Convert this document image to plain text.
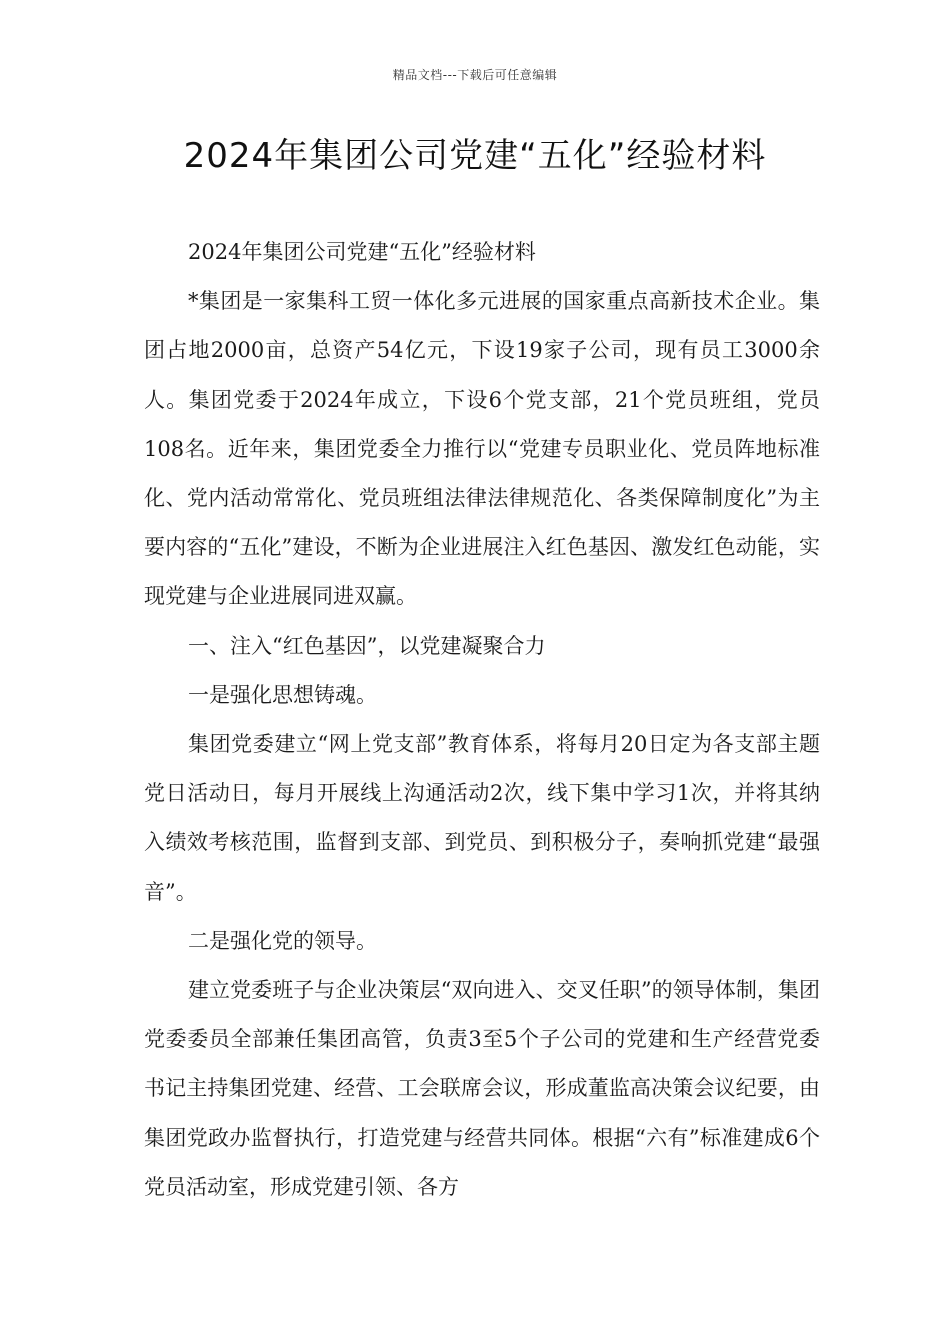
精品文档---下载后可任意编辑
2024年集团公司党建“五化”经验材料

2024年集团公司党建“五化”经验材料

*集团是一家集科工贸一体化多元进展的国家重点高新技术企业。集团占地2000亩，总资产54亿元，下设19家子公司，现有员工3000余人。集团党委于2024年成立，下设6个党支部，21个党员班组，党员108名。近年来，集团党委全力推行以“党建专员职业化、党员阵地标准化、党内活动常常化、党员班组法律法律规范化、各类保障制度化”为主要内容的“五化”建设，不断为企业进展注入红色基因、激发红色动能，实现党建与企业进展同进双赢。

一、注入“红色基因”，以党建凝聚合力

一是强化思想铸魂。

集团党委建立“网上党支部”教育体系，将每月20日定为各支部主题党日活动日，每月开展线上沟通活动2次，线下集中学习1次，并将其纳入绩效考核范围，监督到支部、到党员、到积极分子，奏响抓党建“最强音”。

二是强化党的领导。

建立党委班子与企业决策层“双向进入、交叉任职”的领导体制，集团党委委员全部兼任集团高管，负责3至5个子公司的党建和生产经营党委书记主持集团党建、经营、工会联席会议，形成董监高决策会议纪要，由集团党政办监督执行，打造党建与经营共同体。根据“六有”标准建成6个党员活动室，形成党建引领、各方
